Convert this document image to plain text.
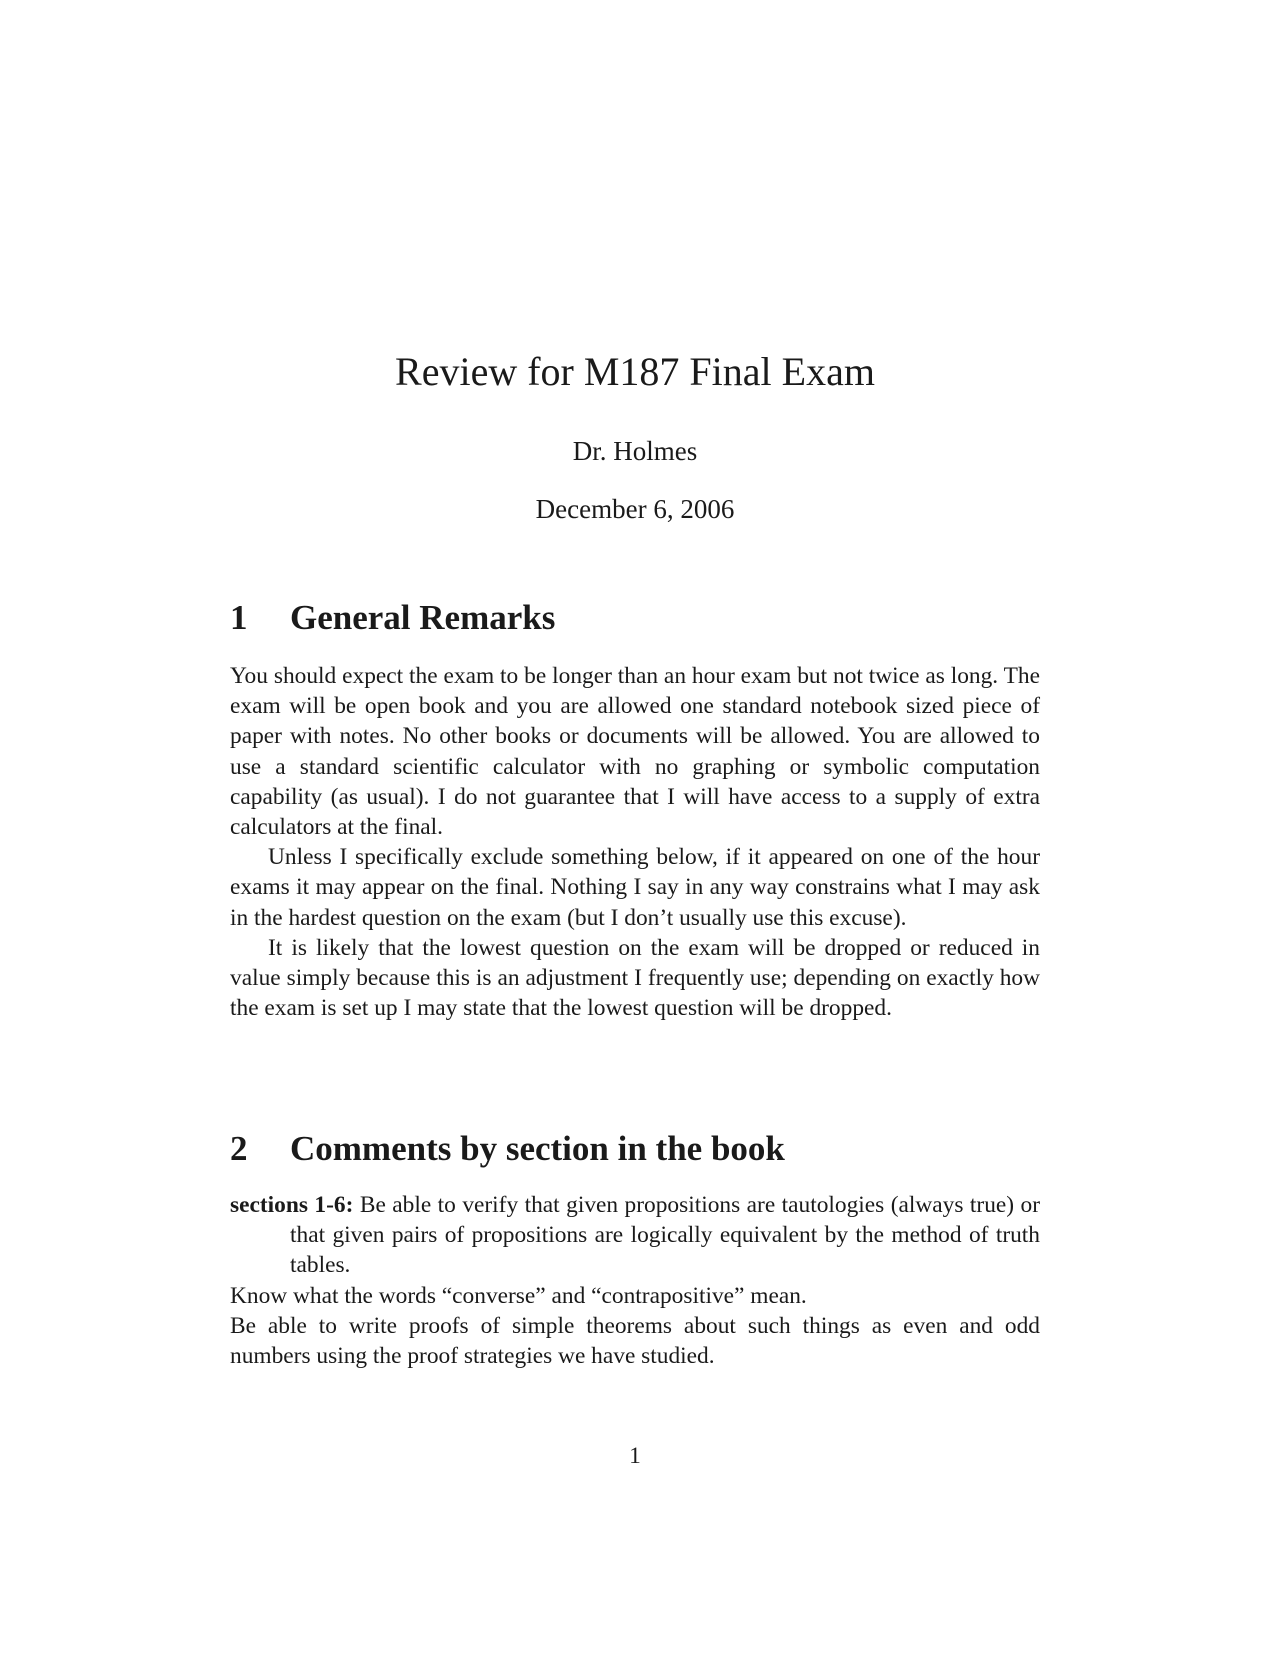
Review for M187 Final Exam
Dr. Holmes
December 6, 2006
1 General Remarks

You should expect the exam to be longer than an hour exam but not twice as long. The exam will be open book and you are allowed one standard notebook sized piece of paper with notes. No other books or documents will be allowed. You are allowed to use a standard scientific calculator with no graphing or symbolic computation capability (as usual). I do not guarantee that I will have access to a supply of extra calculators at the final.

Unless I specifically exclude something below, if it appeared on one of the hour exams it may appear on the final. Nothing I say in any way constrains what I may ask in the hardest question on the exam (but I don’t usually use this excuse).

It is likely that the lowest question on the exam will be dropped or reduced in value simply because this is an adjustment I frequently use; depending on exactly how the exam is set up I may state that the lowest question will be dropped.

2 Comments by section in the book

sections 1-6: Be able to verify that given propositions are tautologies (always true) or that given pairs of propositions are logically equivalent by the method of truth tables.

Know what the words “converse” and “contrapositive” mean.

Be able to write proofs of simple theorems about such things as even and odd numbers using the proof strategies we have studied.

1
